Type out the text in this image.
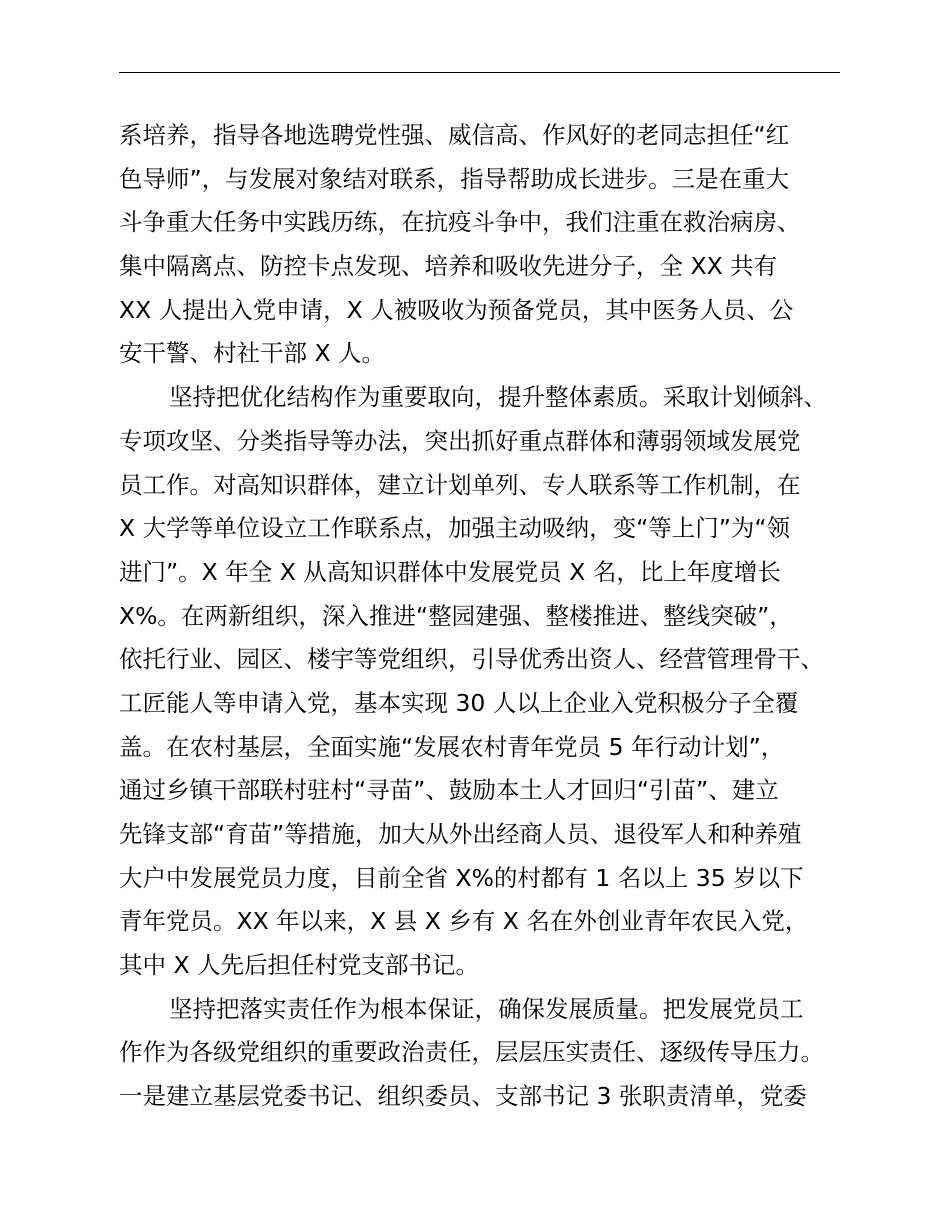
系培养，指导各地选聘党性强、威信高、作风好的老同志担任“红
色导师”，与发展对象结对联系，指导帮助成长进步。三是在重大
斗争重大任务中实践历练，在抗疫斗争中，我们注重在救治病房、
集中隔离点、防控卡点发现、培养和吸收先进分子，全 XX 共有
XX 人提出入党申请，X 人被吸收为预备党员，其中医务人员、公
安干警、村社干部 X 人。
坚持把优化结构作为重要取向，提升整体素质。采取计划倾斜、
专项攻坚、分类指导等办法，突出抓好重点群体和薄弱领域发展党
员工作。对高知识群体，建立计划单列、专人联系等工作机制，在
X 大学等单位设立工作联系点，加强主动吸纳，变“等上门”为“领
进门”。X 年全 X 从高知识群体中发展党员 X 名，比上年度增长
X%。在两新组织，深入推进“整园建强、整楼推进、整线突破”，
依托行业、园区、楼宇等党组织，引导优秀出资人、经营管理骨干、
工匠能人等申请入党，基本实现 30 人以上企业入党积极分子全覆
盖。在农村基层，全面实施“发展农村青年党员 5 年行动计划”，
通过乡镇干部联村驻村“寻苗”、鼓励本土人才回归“引苗”、建立
先锋支部“育苗”等措施，加大从外出经商人员、退役军人和种养殖
大户中发展党员力度，目前全省 X%的村都有 1 名以上 35 岁以下
青年党员。XX 年以来，X 县 X 乡有 X 名在外创业青年农民入党，
其中 X 人先后担任村党支部书记。
坚持把落实责任作为根本保证，确保发展质量。把发展党员工
作作为各级党组织的重要政治责任，层层压实责任、逐级传导压力。
一是建立基层党委书记、组织委员、支部书记 3 张职责清单，党委
